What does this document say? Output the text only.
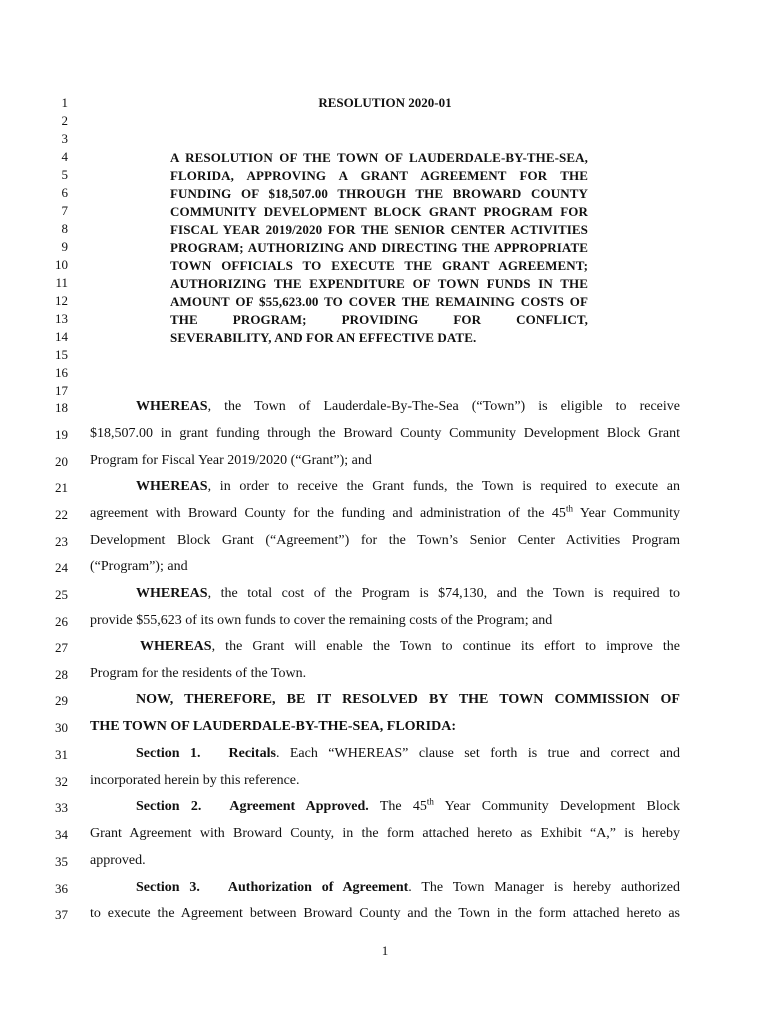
1
2
3
4
5
6
7
8
9
10
11
12
13
14
15
16
17
18
19
20
21
22
23
24
25
26
27
28
29
30
31
32
33
34
35
36
37
RESOLUTION 2020-01
A RESOLUTION OF THE TOWN OF LAUDERDALE-BY-THE-SEA, FLORIDA, APPROVING A GRANT AGREEMENT FOR THE FUNDING OF $18,507.00 THROUGH THE BROWARD COUNTY COMMUNITY DEVELOPMENT BLOCK GRANT PROGRAM FOR FISCAL YEAR 2019/2020 FOR THE SENIOR CENTER ACTIVITIES PROGRAM; AUTHORIZING AND DIRECTING THE APPROPRIATE TOWN OFFICIALS TO EXECUTE THE GRANT AGREEMENT; AUTHORIZING THE EXPENDITURE OF TOWN FUNDS IN THE AMOUNT OF $55,623.00 TO COVER THE REMAINING COSTS OF THE PROGRAM; PROVIDING FOR CONFLICT,
SEVERABILITY, AND FOR AN EFFECTIVE DATE.
WHEREAS, the Town of Lauderdale-By-The-Sea (“Town”) is eligible to receive
$18,507.00 in grant funding through the Broward County Community Development Block Grant
Program for Fiscal Year 2019/2020 (“Grant”); and
WHEREAS, in order to receive the Grant funds, the Town is required to execute an
agreement with Broward County for the funding and administration of the 45th Year Community
Development Block Grant (“Agreement”) for the Town’s Senior Center Activities Program
(“Program”); and
WHEREAS, the total cost of the Program is $74,130, and the Town is required to
provide $55,623 of its own funds to cover the remaining costs of the Program; and
WHEREAS, the Grant will enable the Town to continue its effort to improve the
Program for the residents of the Town.
NOW, THEREFORE, BE IT RESOLVED BY THE TOWN COMMISSION OF
THE TOWN OF LAUDERDALE-BY-THE-SEA, FLORIDA:
Section 1. Recitals. Each “WHEREAS” clause set forth is true and correct and
incorporated herein by this reference.
Section 2. Agreement Approved. The 45th Year Community Development Block
Grant Agreement with Broward County, in the form attached hereto as Exhibit “A,” is hereby
approved.
Section 3. Authorization of Agreement. The Town Manager is hereby authorized
to execute the Agreement between Broward County and the Town in the form attached hereto as
1
